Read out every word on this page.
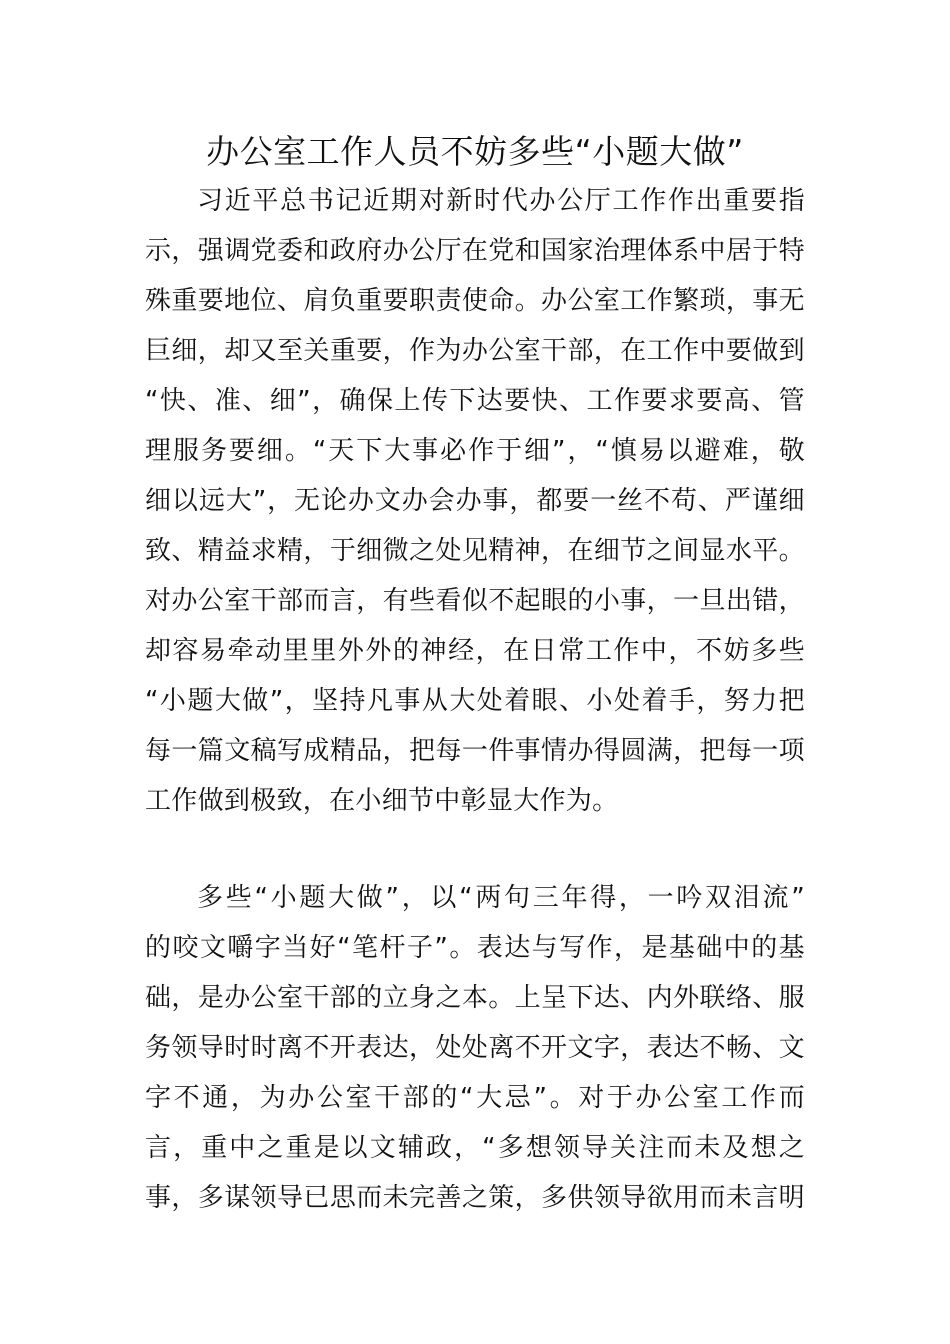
办公室工作人员不妨多些“小题大做”
习近平总书记近期对新时代办公厅工作作出重要指
示，强调党委和政府办公厅在党和国家治理体系中居于特
殊重要地位、肩负重要职责使命。办公室工作繁琐，事无
巨细，却又至关重要，作为办公室干部，在工作中要做到
“快、准、细”，确保上传下达要快、工作要求要高、管
理服务要细。“天下大事必作于细”，“慎易以避难，敬
细以远大”，无论办文办会办事，都要一丝不苟、严谨细
致、精益求精，于细微之处见精神，在细节之间显水平。
对办公室干部而言，有些看似不起眼的小事，一旦出错，
却容易牵动里里外外的神经，在日常工作中，不妨多些
“小题大做”，坚持凡事从大处着眼、小处着手，努力把
每一篇文稿写成精品，把每一件事情办得圆满，把每一项
工作做到极致，在小细节中彰显大作为。
多些“小题大做”，以“两句三年得，一吟双泪流”
的咬文嚼字当好“笔杆子”。表达与写作，是基础中的基
础，是办公室干部的立身之本。上呈下达、内外联络、服
务领导时时离不开表达，处处离不开文字，表达不畅、文
字不通，为办公室干部的“大忌”。对于办公室工作而
言，重中之重是以文辅政，“多想领导关注而未及想之
事，多谋领导已思而未完善之策，多供领导欲用而未言明
